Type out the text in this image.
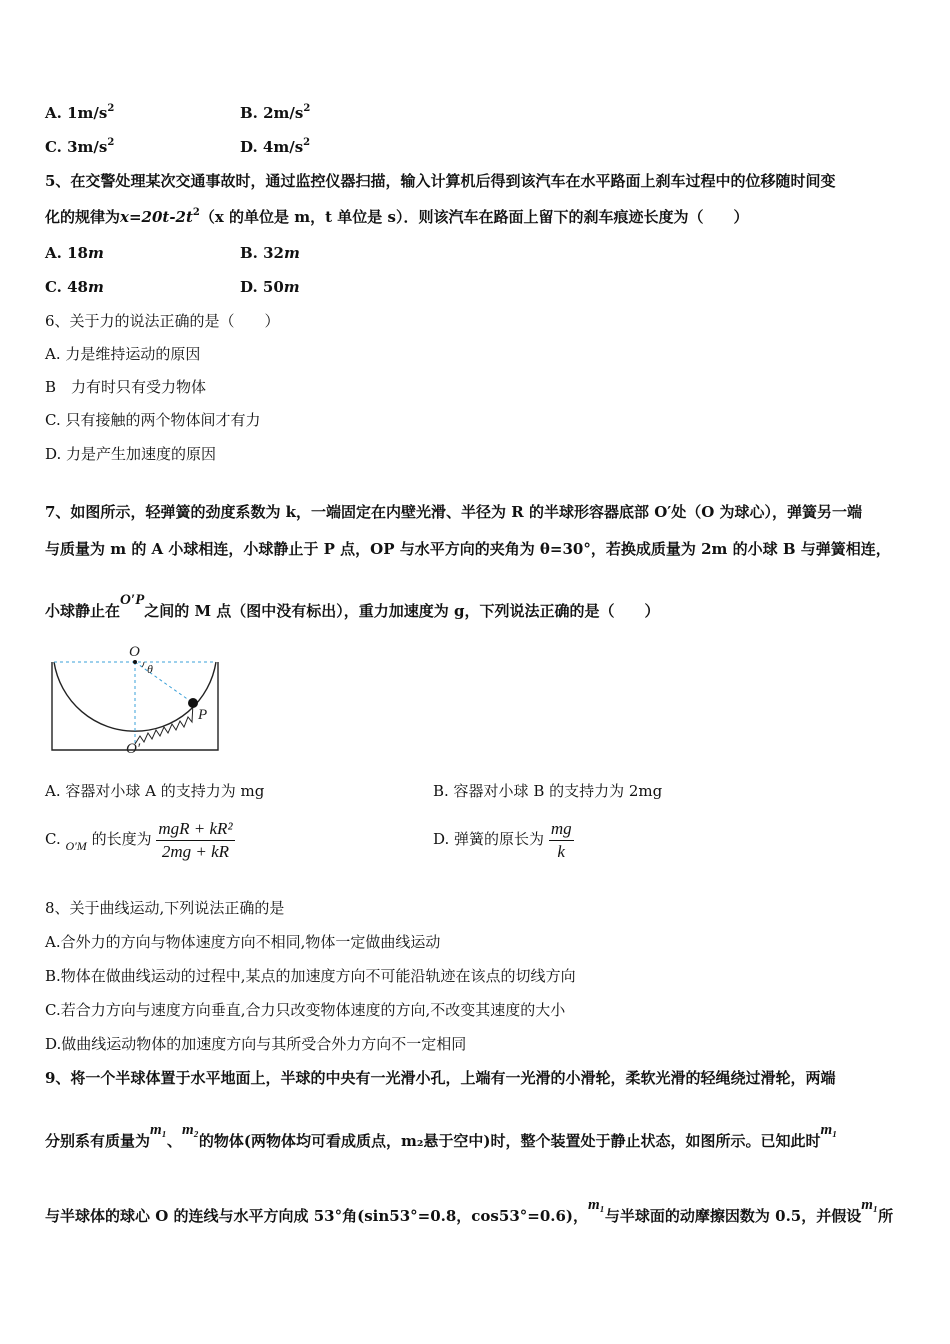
A. $1m/s^2$	B. $2m/s^2$
C. $3m/s^2$	D. $4m/s^2$
5、在交警处理某次交通事故时，通过监控仪器扫描，输入计算机后得到该汽车在水平路面上刹车过程中的位移随时间变
化的规律为$x=20t-2t^2(x$ 的单位是 m，t 单位是 s）．则该汽车在路面上留下的刹车痕迹长度为（　　）
A. 18m	B. 32m
C. 48m	D. 50m
6、关于力的说法正确的是（　　）
A. 力是维持运动的原因
B　力有时只有受力物体
C. 只有接触的两个物体间才有力
D. 力是产生加速度的原因
7、如图所示，轻弹簧的劲度系数为 k，一端固定在内壁光滑、半径为 R 的半球形容器底部 O′处（O 为球心），弹簧另一端
与质量为 m 的 A 小球相连，小球静止于 P 点，OP 与水平方向的夹角为 θ=30°，若换成质量为 2m 的小球 B 与弹簧相连，
小球静止在O′P之间的 M 点（图中没有标出），重力加速度为 g，下列说法正确的是（　　）
O
θ
P
O′
A. 容器对小球 A 的支持力为 mg	B. 容器对小球 B 的支持力为 2mg
C. $_{O'M}$ 的长度为 $\frac{\text{mgR + kR²}}{2mg + kR}$	D. 弹簧的原长为 $\frac{mg}{k}$
8、关于曲线运动,下列说法正确的是
A.合外力的方向与物体速度方向不相同,物体一定做曲线运动
B.物体在做曲线运动的过程中,某点的加速度方向不可能沿轨迹在该点的切线方向
C.若合力方向与速度方向垂直,合力只改变物体速度的方向,不改变其速度的大小
D.做曲线运动物体的加速度方向与其所受合外力方向不一定相同
9、将一个半球体置于水平地面上，半球的中央有一光滑小孔，上端有一光滑的小滑轮，柔软光滑的轻绳绕过滑轮，两端
分别系有质量为m₁、m₂的物体(两物体均可看成质点，m₂悬于空中)时，整个装置处于静止状态，如图所示。已知此时m₁
与半球体的球心 O 的连线与水平方向成 53°角(sin53°=0.8，cos53°=0.6)，m₁与半球面的动摩擦因数为 0.5，并假设m₁所
